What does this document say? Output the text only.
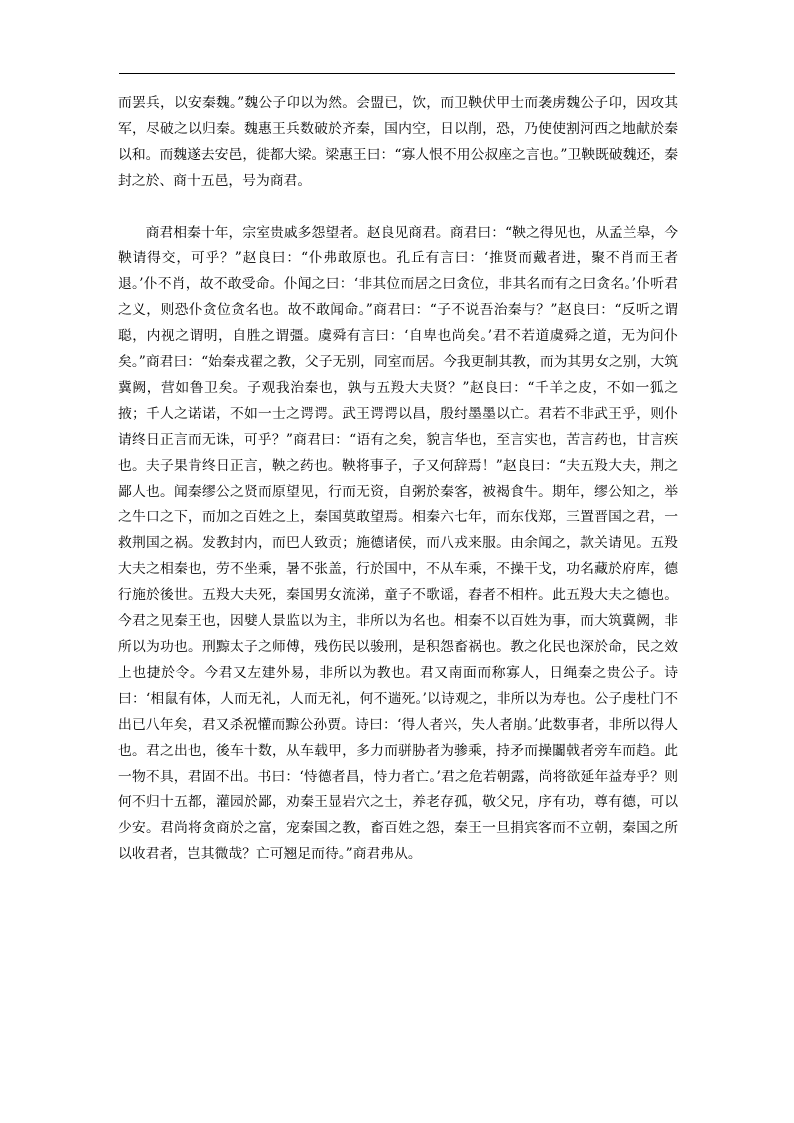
而罢兵，以安秦魏。”魏公子卬以为然。会盟已，饮，而卫鞅伏甲士而袭虏魏公子卬，因攻其军，尽破之以归秦。魏惠王兵数破於齐秦，国内空，日以削，恐，乃使使割河西之地献於秦以和。而魏遂去安邑，徙都大梁。梁惠王曰：“寡人恨不用公叔座之言也。”卫鞅既破魏还，秦封之於、商十五邑，号为商君。

商君相秦十年，宗室贵戚多怨望者。赵良见商君。商君曰：“鞅之得见也，从孟兰皋，今鞅请得交，可乎？”赵良曰：“仆弗敢原也。孔丘有言曰：‘推贤而戴者进，聚不肖而王者退。’仆不肖，故不敢受命。仆闻之曰：‘非其位而居之曰贪位，非其名而有之曰贪名。’仆听君之义，则恐仆贪位贪名也。故不敢闻命。”商君曰：“子不说吾治秦与？”赵良曰：“反听之谓聪，内视之谓明，自胜之谓彊。虞舜有言曰：‘自卑也尚矣。’君不若道虞舜之道，无为问仆矣。”商君曰：“始秦戎翟之教，父子无别，同室而居。今我更制其教，而为其男女之别，大筑冀阙，营如鲁卫矣。子观我治秦也，孰与五羖大夫贤？”赵良曰：“千羊之皮，不如一狐之掖；千人之诺诺，不如一士之谔谔。武王谔谔以昌，殷纣墨墨以亡。君若不非武王乎，则仆请终日正言而无诛，可乎？”商君曰：“语有之矣，貌言华也，至言实也，苦言药也，甘言疾也。夫子果肯终日正言，鞅之药也。鞅将事子，子又何辞焉！”赵良曰：“夫五羖大夫，荆之鄙人也。闻秦缪公之贤而原望见，行而无资，自粥於秦客，被褐食牛。期年，缪公知之，举之牛口之下，而加之百姓之上，秦国莫敢望焉。相秦六七年，而东伐郑，三置晋国之君，一救荆国之祸。发教封内，而巴人致贡；施德诸侯，而八戎来服。由余闻之，款关请见。五羖大夫之相秦也，劳不坐乘，暑不张盖，行於国中，不从车乘，不操干戈，功名藏於府库，德行施於後世。五羖大夫死，秦国男女流涕，童子不歌谣，舂者不相杵。此五羖大夫之德也。今君之见秦王也，因嬖人景监以为主，非所以为名也。相秦不以百姓为事，而大筑冀阙，非所以为功也。刑黥太子之师傅，残伤民以骏刑，是积怨畜祸也。教之化民也深於命，民之效上也捷於令。今君又左建外易，非所以为教也。君又南面而称寡人，日绳秦之贵公子。诗曰：‘相鼠有体，人而无礼，人而无礼，何不遄死。’以诗观之，非所以为寿也。公子虔杜门不出已八年矣，君又杀祝懽而黥公孙贾。诗曰：‘得人者兴，失人者崩。’此数事者，非所以得人也。君之出也，後车十数，从车载甲，多力而骈胁者为骖乘，持矛而操闟戟者旁车而趋。此一物不具，君固不出。书曰：‘恃德者昌，恃力者亡。’君之危若朝露，尚将欲延年益寿乎？则何不归十五都，灌园於鄙，劝秦王显岩穴之士，养老存孤，敬父兄，序有功，尊有德，可以少安。君尚将贪商於之富，宠秦国之教，畜百姓之怨，秦王一旦捐宾客而不立朝，秦国之所以收君者，岂其微哉？亡可翘足而待。”商君弗从。
